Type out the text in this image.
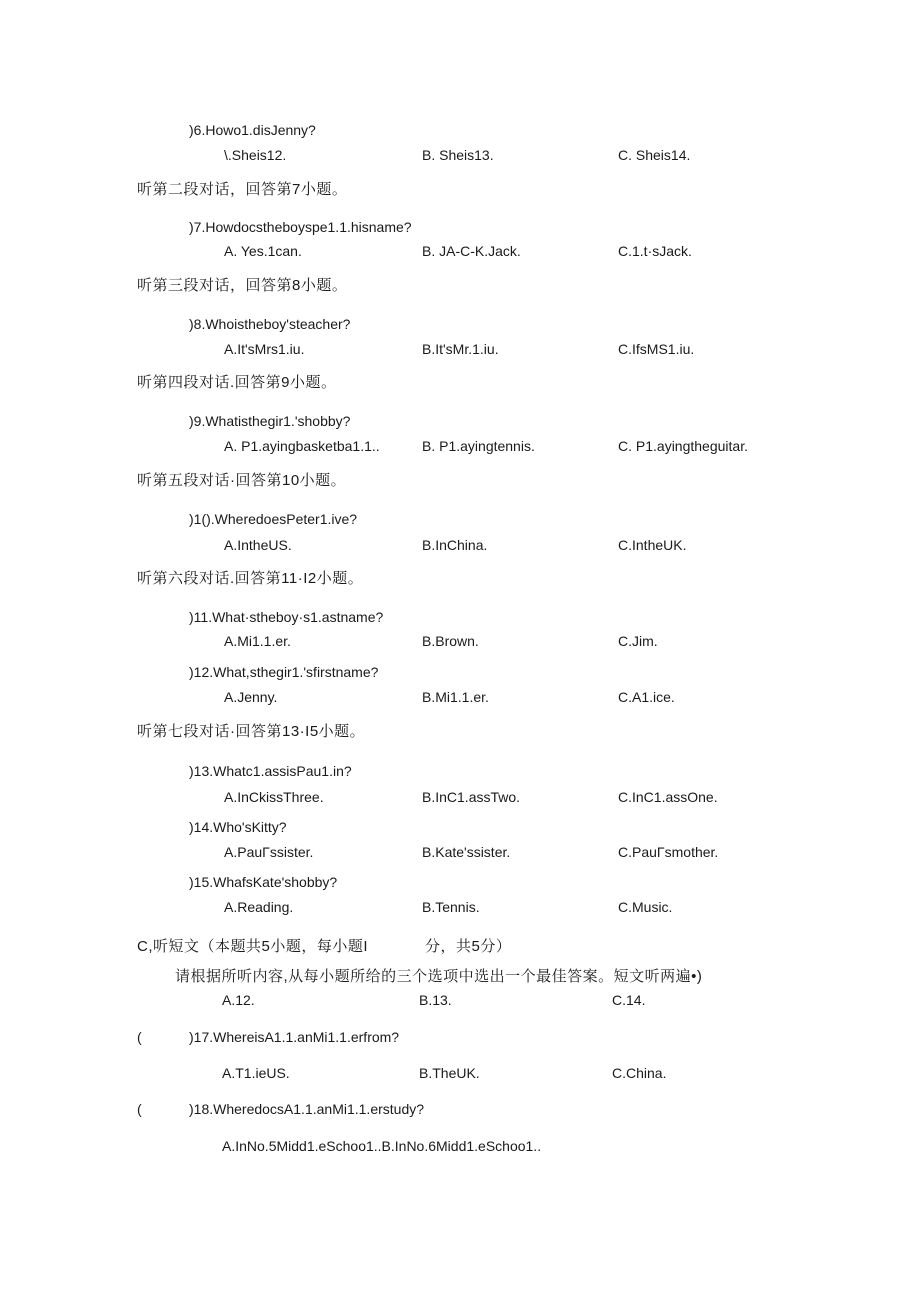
)6.Howo1.disJenny?
\.Sheis12.	B. Sheis13.	C. Sheis14.
听第二段对话，回答第7小题。
)7.Howdocstheboyspe1.1.hisname?
A. Yes.1can.	B. JA-C-K.Jack.	C.1.t·sJack.
听第三段对话，回答第8小题。
)8.Whoistheboy'steacher?
A.It'sMrs1.iu.	B.It'sMr.1.iu.	C.IfsMS1.iu.
听第四段对话.回答第9小题。
)9.Whatisthegir1.'shobby?
A. P1.ayingbasketba1.1..	B. P1.ayingtennis.	C. P1.ayingtheguitar.
听第五段对话·回答第10小题。
)1().WheredoesPeter1.ive?
A.IntheUS.	B.InChina.	C.IntheUK.
听第六段对话.回答第11·I2小题。
)11.What·stheboy·s1.astname?
A.Mi1.1.er.	B.Brown.	C.Jim.
)12.What,sthegir1.'sfirstname?
A.Jenny.	B.Mi1.1.er.	C.A1.ice.
听第七段对话·回答第13·I5小题。
)13.Whatc1.assisPau1.in?
A.InCkissThree.	B.InC1.assTwo.	C.InC1.assOne.
)14.Who'sKitty?
A.PauΓssister.	B.Kate'ssister.	C.PauΓsmother.
)15.WhafsKate'shobby?
A.Reading.	B.Tennis.	C.Music.
C,听短文（本题共5小题，每小题I	分，共5分）
请根据所听内容,从每小题所给的三个选项中选出一个最佳答案。短文听两遍•)
A.12.	B.13.	C.14.
(	)17.WhereisA1.1.anMi1.1.erfrom?
A.T1.ieUS.	B.TheUK.	C.China.
(	)18.WheredocsA1.1.anMi1.1.erstudy?
A.InNo.5Midd1.eSchoo1..B.InNo.6Midd1.eSchoo1..
